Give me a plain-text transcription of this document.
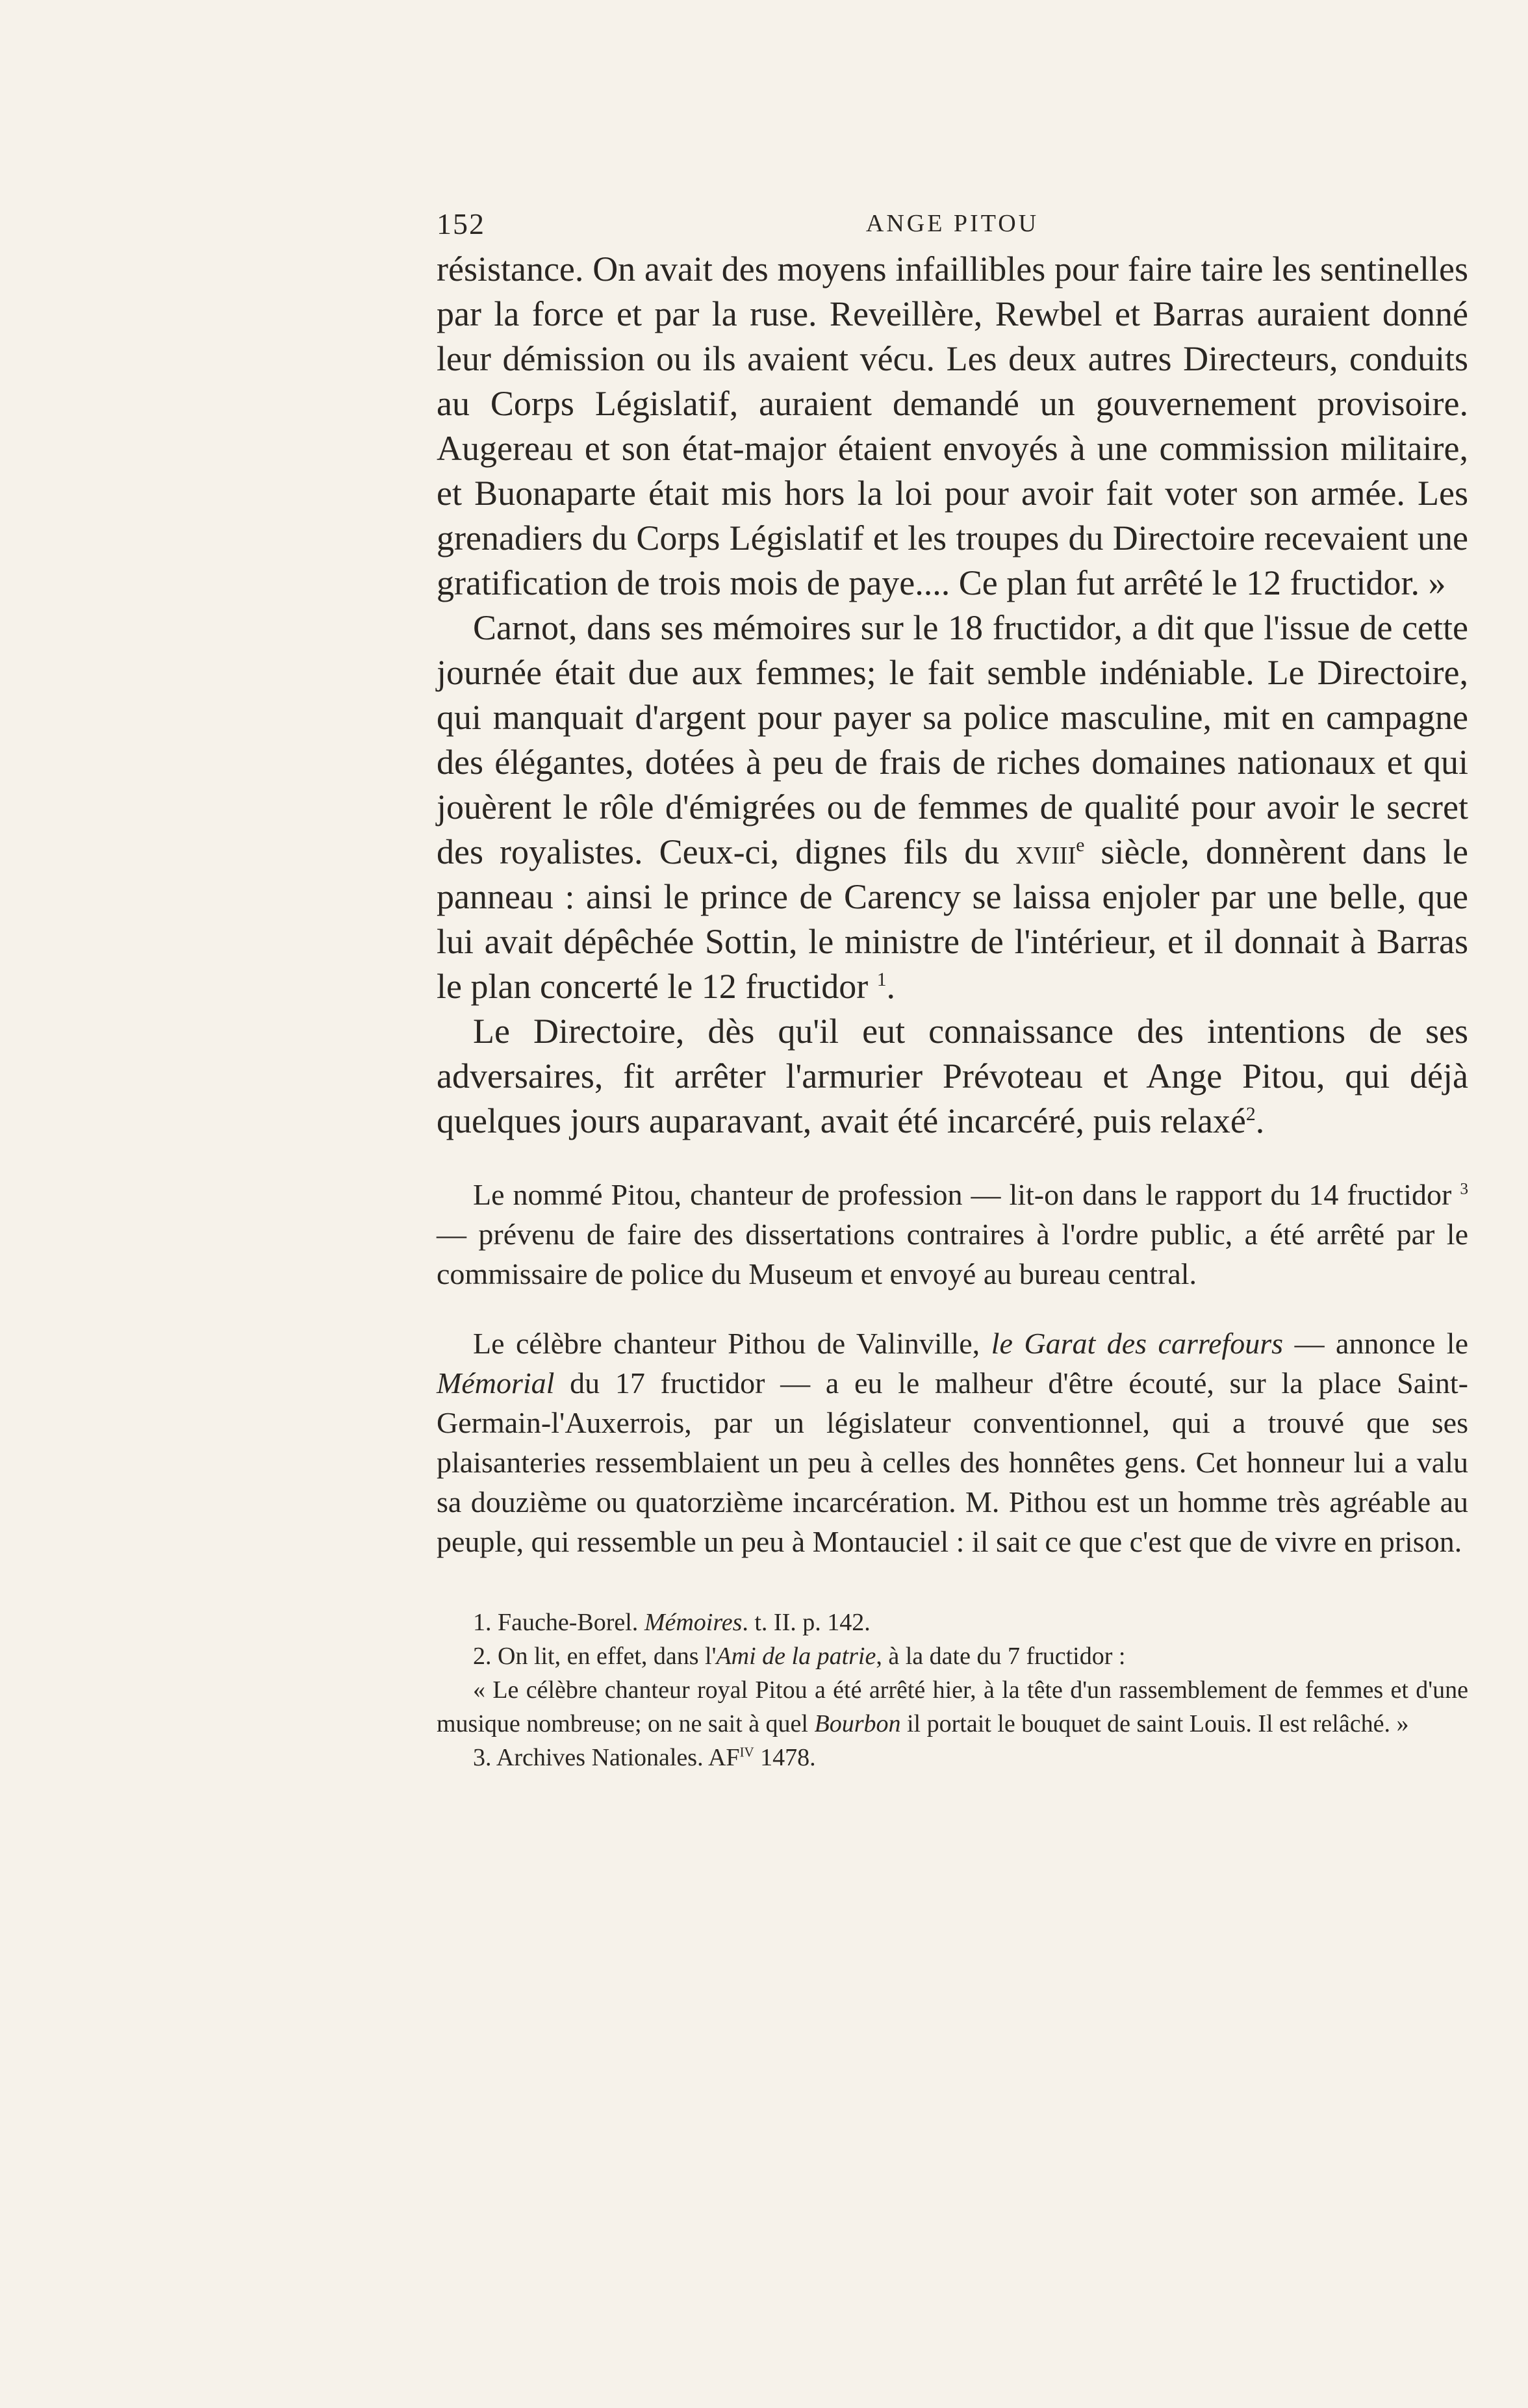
152	ANGE PITOU

résistance. On avait des moyens infaillibles pour faire taire les sentinelles par la force et par la ruse. Reveillère, Rewbel et Barras auraient donné leur démission ou ils avaient vécu. Les deux autres Directeurs, conduits au Corps Législatif, auraient demandé un gouvernement provisoire. Augereau et son état-major étaient envoyés à une commission militaire, et Buonaparte était mis hors la loi pour avoir fait voter son armée. Les grenadiers du Corps Législatif et les troupes du Directoire recevaient une gratification de trois mois de paye.... Ce plan fut arrêté le 12 fructidor. »

Carnot, dans ses mémoires sur le 18 fructidor, a dit que l'issue de cette journée était due aux femmes; le fait semble indéniable. Le Directoire, qui manquait d'argent pour payer sa police masculine, mit en campagne des élégantes, dotées à peu de frais de riches domaines nationaux et qui jouèrent le rôle d'émigrées ou de femmes de qualité pour avoir le secret des royalistes. Ceux-ci, dignes fils du xviii$^e$ siècle, donnèrent dans le panneau : ainsi le prince de Carency se laissa enjoler par une belle, que lui avait dépêchée Sottin, le ministre de l'intérieur, et il donnait à Barras le plan concerté le 12 fructidor $^1$.

Le Directoire, dès qu'il eut connaissance des intentions de ses adversaires, fit arrêter l'armurier Prévoteau et Ange Pitou, qui déjà quelques jours auparavant, avait été incarcéré, puis relaxé$^2$.

Le nommé Pitou, chanteur de profession — lit-on dans le rapport du 14 fructidor $^3$ — prévenu de faire des dissertations contraires à l'ordre public, a été arrêté par le commissaire de police du Museum et envoyé au bureau central.

Le célèbre chanteur Pithou de Valinville, le Garat des carrefours — annonce le Mémorial du 17 fructidor — a eu le malheur d'être écouté, sur la place Saint-Germain-l'Auxerrois, par un législateur conventionnel, qui a trouvé que ses plaisanteries ressemblaient un peu à celles des honnêtes gens. Cet honneur lui a valu sa douzième ou quatorzième incarcération. M. Pithou est un homme très agréable au peuple, qui ressemble un peu à Montauciel : il sait ce que c'est que de vivre en prison.

1. Fauche-Borel. Mémoires. t. II. p. 142.

2. On lit, en effet, dans l'Ami de la patrie, à la date du 7 fructidor :

« Le célèbre chanteur royal Pitou a été arrêté hier, à la tête d'un rassemblement de femmes et d'une musique nombreuse; on ne sait à quel Bourbon il portait le bouquet de saint Louis. Il est relâché. »

3. Archives Nationales. $AF^{IV}$ 1478.
